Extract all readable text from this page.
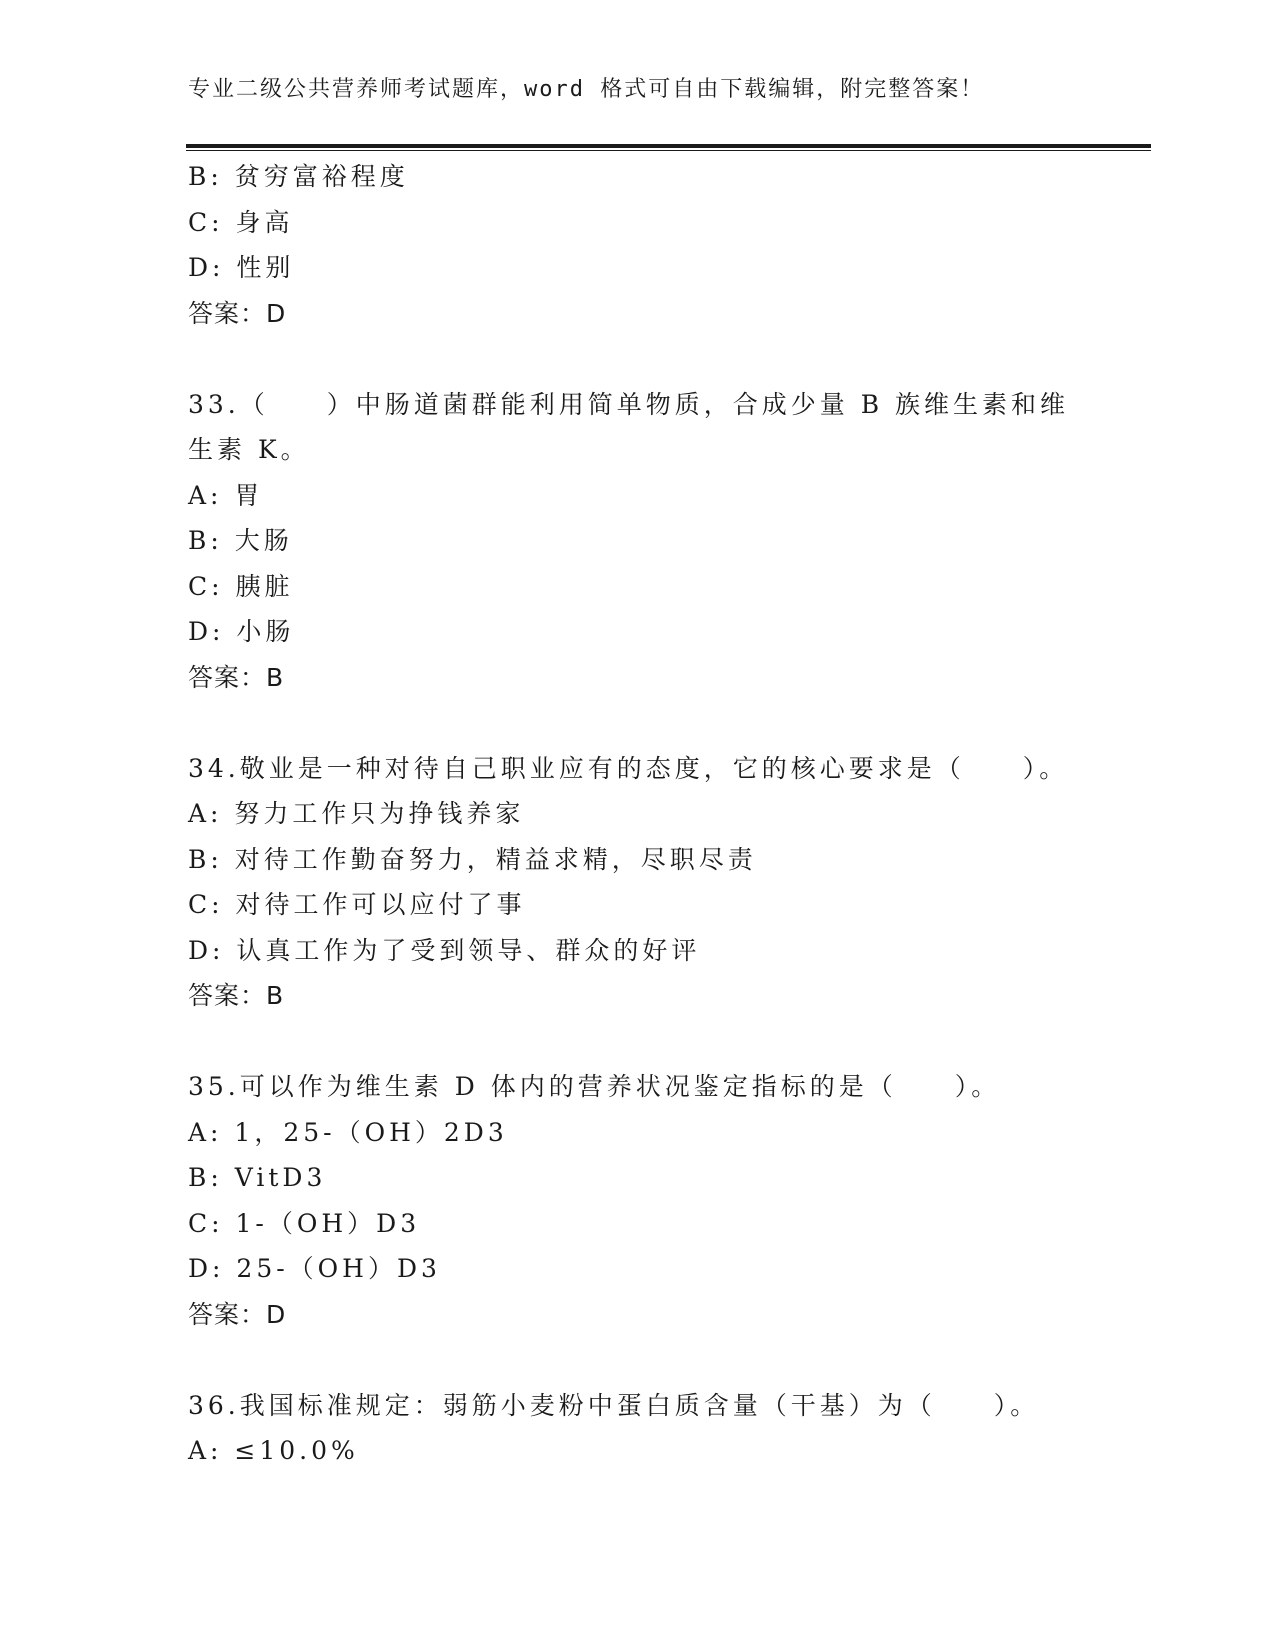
专业二级公共营养师考试题库，word 格式可自由下载编辑，附完整答案！
B: 贫穷富裕程度
C: 身高
D: 性别
答案：D
33.（　　）中肠道菌群能利用简单物质，合成少量 B 族维生素和维生素 K。
A: 胃
B: 大肠
C: 胰脏
D: 小肠
答案：B
34.敬业是一种对待自己职业应有的态度，它的核心要求是（　　）。
A: 努力工作只为挣钱养家
B: 对待工作勤奋努力，精益求精，尽职尽责
C: 对待工作可以应付了事
D: 认真工作为了受到领导、群众的好评
答案：B
35.可以作为维生素 D 体内的营养状况鉴定指标的是（　　）。
A: 1，25-（OH）2D3
B: VitD3
C: 1-（OH）D3
D: 25-（OH）D3
答案：D
36.我国标准规定：弱筋小麦粉中蛋白质含量（干基）为（　　）。
A: ≤10.0%
